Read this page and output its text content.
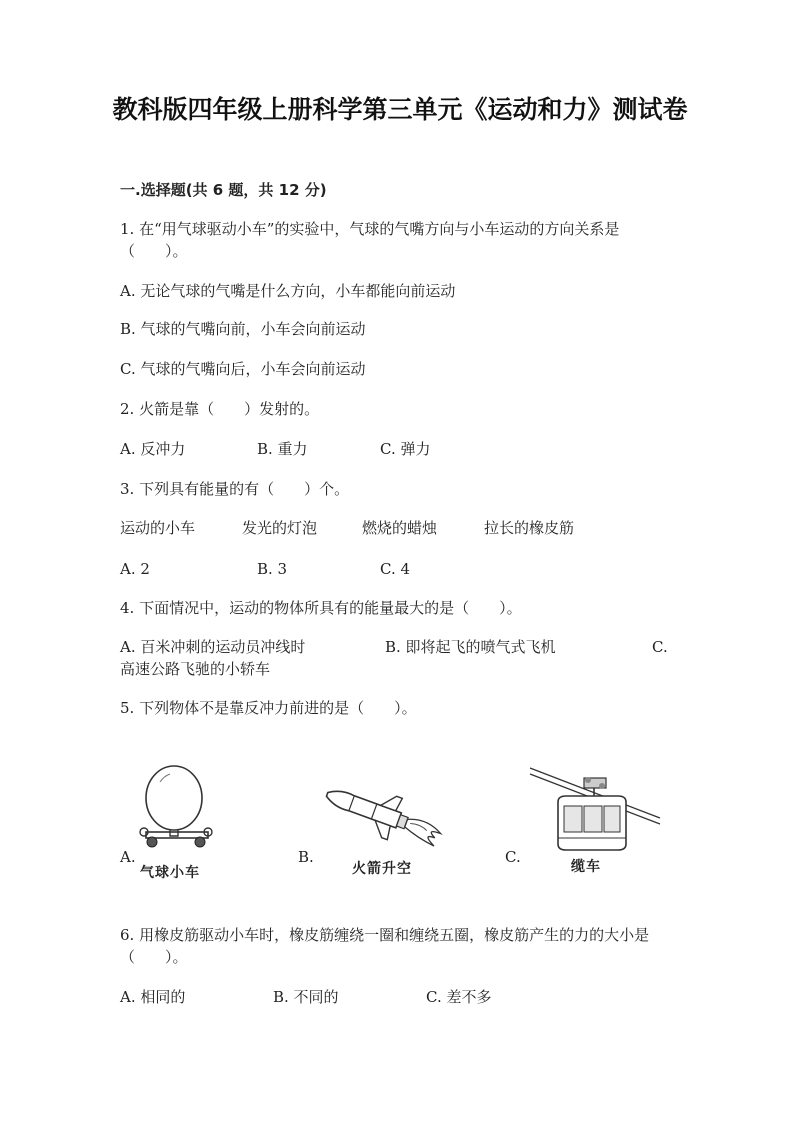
教科版四年级上册科学第三单元《运动和力》测试卷
一.选择题(共 6 题，共 12 分)
1. 在“用气球驱动小车”的实验中，气球的气嘴方向与小车运动的方向关系是（　　）。
A. 无论气球的气嘴是什么方向，小车都能向前运动
B. 气球的气嘴向前，小车会向前运动
C. 气球的气嘴向后，小车会向前运动
2. 火箭是靠（　　）发射的。
A. 反冲力	B. 重力	C. 弹力
3. 下列具有能量的有（　　）个。
运动的小车	发光的灯泡	燃烧的蜡烛	拉长的橡皮筋
A. 2	B. 3	C. 4
4. 下面情况中，运动的物体所具有的能量最大的是（　　）。
A. 百米冲刺的运动员冲线时	B. 即将起飞的喷气式飞机	C.
高速公路飞驰的小轿车
5. 下列物体不是靠反冲力前进的是（　　）。
A.	B.	C.
气球小车	火箭升空	缆车
6. 用橡皮筋驱动小车时，橡皮筋缠绕一圈和缠绕五圈，橡皮筋产生的力的大小是（　　）。
A. 相同的	B. 不同的	C. 差不多
